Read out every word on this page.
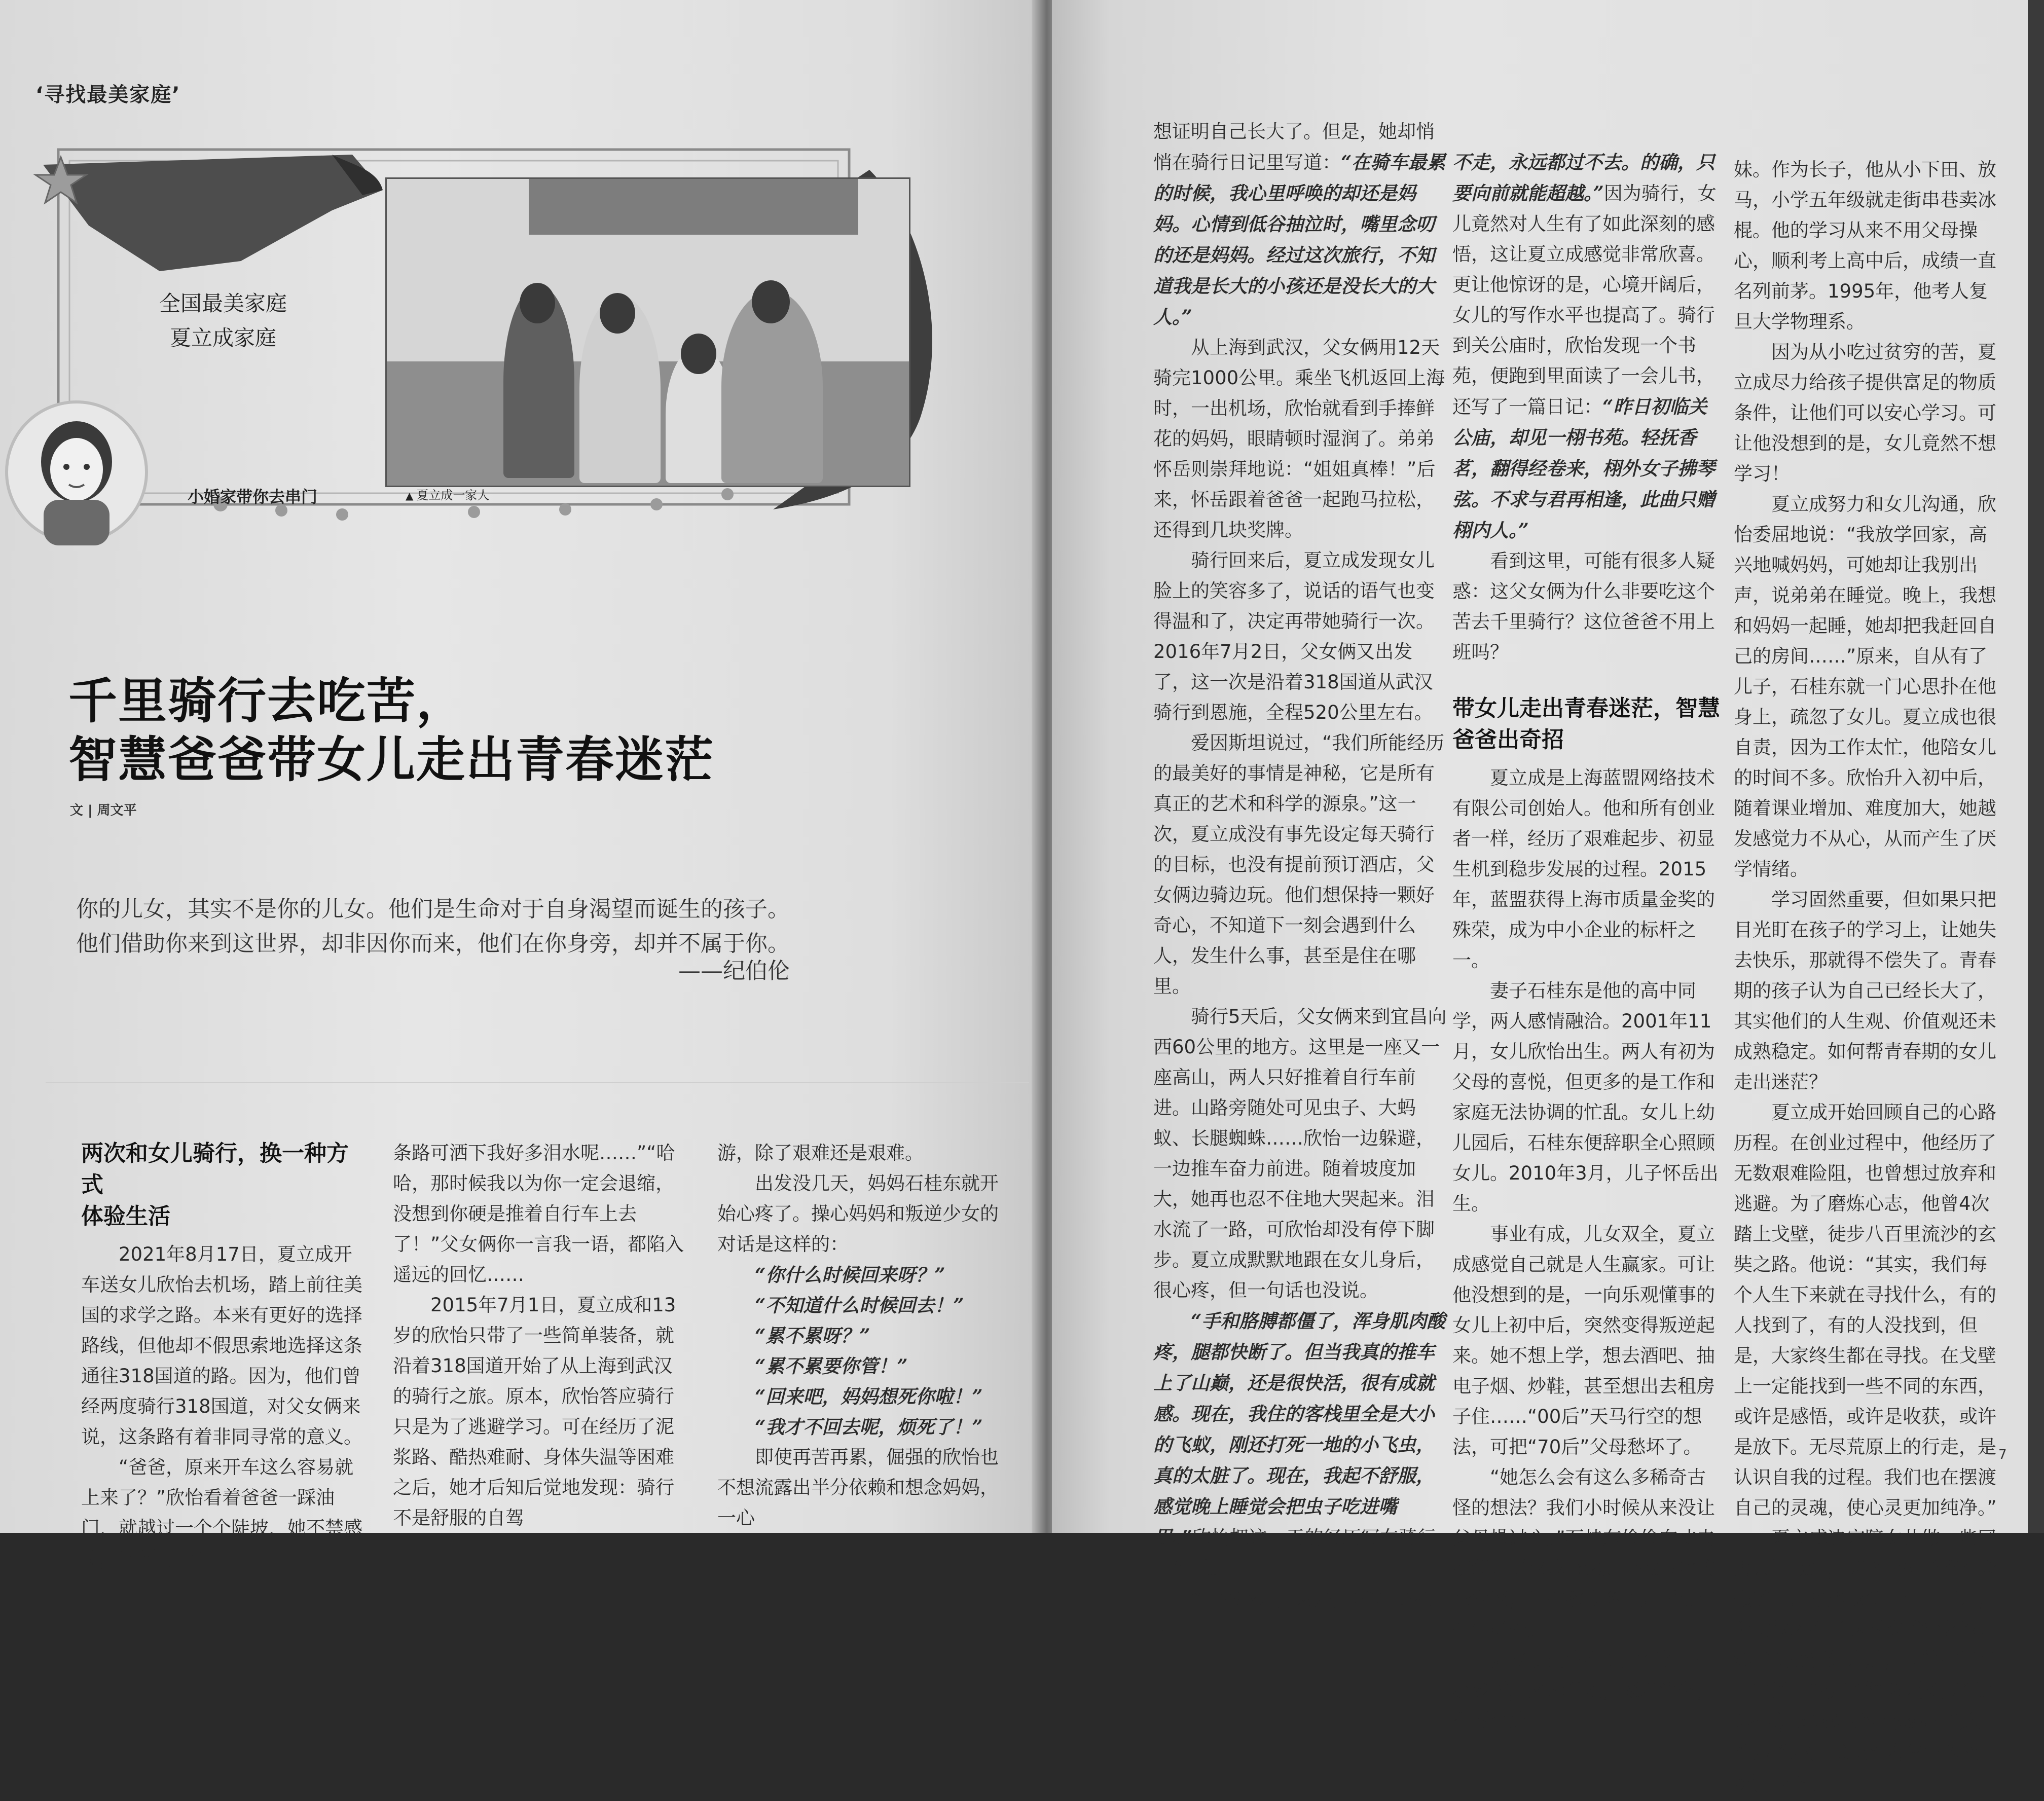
‘寻找最美家庭’
全国最美家庭
夏立成家庭
小婚家带你去串门	▲ 夏立成一家人
千里骑行去吃苦，
智慧爸爸带女儿走出青春迷茫
文 | 周文平
你的儿女，其实不是你的儿女。他们是生命对于自身渴望而诞生的孩子。
他们借助你来到这世界，却非因你而来，他们在你身旁，却并不属于你。
——纪伯伦
两次和女儿骑行，换一种方式
体验生活

2021年8月17日，夏立成开车送女儿欣怡去机场，踏上前往美国的求学之路。本来有更好的选择路线，但他却不假思索地选择这条通往318国道的路。因为，他们曾经两度骑行318国道，对父女俩来说，这条路有着非同寻常的意义。

“爸爸，原来开车这么容易就上来了？”欣怡看着爸爸一踩油门，就越过一个个陡坡，她不禁感慨，“当年，这

条路可洒下我好多泪水呢……”“哈哈，那时候我以为你一定会退缩，没想到你硬是推着自行车上去了！”父女俩你一言我一语，都陷入遥远的回忆……

2015年7月1日，夏立成和13岁的欣怡只带了一些简单装备，就沿着318国道开始了从上海到武汉的骑行之旅。原本，欣怡答应骑行只是为了逃避学习。可在经历了泥浆路、酷热难耐、身体失温等困难之后，她才后知后觉地发现：骑行不是舒服的自驾

游，除了艰难还是艰难。

出发没几天，妈妈石桂东就开始心疼了。操心妈妈和叛逆少女的对话是这样的：

“你什么时候回来呀？”

“不知道什么时候回去！”

“累不累呀？”

“累不累要你管！”

“回来吧，妈妈想死你啦！”

“我才不回去呢，烦死了！”

即使再苦再累，倔强的欣怡也不想流露出半分依赖和想念妈妈，一心

想证明自己长大了。但是，她却悄悄在骑行日记里写道：“在骑车最累的时候，我心里呼唤的却还是妈妈。心情到低谷抽泣时，嘴里念叨的还是妈妈。经过这次旅行，不知道我是长大的小孩还是没长大的大人。”

从上海到武汉，父女俩用12天骑完1000公里。乘坐飞机返回上海时，一出机场，欣怡就看到手捧鲜花的妈妈，眼睛顿时湿润了。弟弟怀岳则崇拜地说：“姐姐真棒！”后来，怀岳跟着爸爸一起跑马拉松，还得到几块奖牌。

骑行回来后，夏立成发现女儿脸上的笑容多了，说话的语气也变得温和了，决定再带她骑行一次。2016年7月2日，父女俩又出发了，这一次是沿着318国道从武汉骑行到恩施，全程520公里左右。

爱因斯坦说过，“我们所能经历的最美好的事情是神秘，它是所有真正的艺术和科学的源泉。”这一次，夏立成没有事先设定每天骑行的目标，也没有提前预订酒店，父女俩边骑边玩。他们想保持一颗好奇心，不知道下一刻会遇到什么人，发生什么事，甚至是住在哪里。

骑行5天后，父女俩来到宜昌向西60公里的地方。这里是一座又一座高山，两人只好推着自行车前进。山路旁随处可见虫子、大蚂蚁、长腿蜘蛛……欣怡一边躲避，一边推车奋力前进。随着坡度加大，她再也忍不住地大哭起来。泪水流了一路，可欣怡却没有停下脚步。夏立成默默地跟在女儿身后，很心疼，但一句话也没说。

“手和胳膊都僵了，浑身肌肉酸疼，腿都快断了。但当我真的推车上了山巅，还是很快活，很有成就感。现在，我住的客栈里全是大小的飞蚁，刚还打死一地的小飞虫，真的太脏了。现在，我起不舒服，感觉晚上睡觉会把虫子吃进嘴里。”欣怡把这一天的经历写在骑行日记里。

“山在这儿，人走，才能过去；人

不走，永远都过不去。的确，只要向前就能超越。”因为骑行，女儿竟然对人生有了如此深刻的感悟，这让夏立成感觉非常欣喜。更让他惊讶的是，心境开阔后，女儿的写作水平也提高了。骑行到关公庙时，欣怡发现一个书苑，便跑到里面读了一会儿书，还写了一篇日记：“昨日初临关公庙，却见一栩书苑。轻抚香茗，翻得经卷来，栩外女子拂琴弦。不求与君再相逢，此曲只赠栩内人。”

看到这里，可能有很多人疑惑：这父女俩为什么非要吃这个苦去千里骑行？这位爸爸不用上班吗？

带女儿走出青春迷茫，智慧
爸爸出奇招

夏立成是上海蓝盟网络技术有限公司创始人。他和所有创业者一样，经历了艰难起步、初显生机到稳步发展的过程。2015年，蓝盟获得上海市质量金奖的殊荣，成为中小企业的标杆之一。

妻子石桂东是他的高中同学，两人感情融洽。2001年11月，女儿欣怡出生。两人有初为父母的喜悦，但更多的是工作和家庭无法协调的忙乱。女儿上幼儿园后，石桂东便辞职全心照顾女儿。2010年3月，儿子怀岳出生。

事业有成，儿女双全，夏立成感觉自己就是人生赢家。可让他没想到的是，一向乐观懂事的女儿上初中后，突然变得叛逆起来。她不想上学，想去酒吧、抽电子烟、炒鞋，甚至想出去租房子住……“00后”天马行空的想法，可把“70后”父母愁坏了。

“她怎么会有这么多稀奇古怪的想法？我们小时候从来没让父母操过心。”石桂东偷偷向丈夫抱怨。夏立成虽然是一位成功的企业家，但在教育孩子方面没有任何经验。

夏立成出生在黑龙江的一个小乡村，父母务农，家境清贫，有两个妹

妹。作为长子，他从小下田、放马，小学五年级就走街串巷卖冰棍。他的学习从来不用父母操心，顺利考上高中后，成绩一直名列前茅。1995年，他考人复旦大学物理系。

因为从小吃过贫穷的苦，夏立成尽力给孩子提供富足的物质条件，让他们可以安心学习。可让他没想到的是，女儿竟然不想学习！

夏立成努力和女儿沟通，欣怡委屈地说：“我放学回家，高兴地喊妈妈，可她却让我别出声，说弟弟在睡觉。晚上，我想和妈妈一起睡，她却把我赶回自己的房间……”原来，自从有了儿子，石桂东就一门心思扑在他身上，疏忽了女儿。夏立成也很自责，因为工作太忙，他陪女儿的时间不多。欣怡升入初中后，随着课业增加、难度加大，她越发感觉力不从心，从而产生了厌学情绪。

学习固然重要，但如果只把目光盯在孩子的学习上，让她失去快乐，那就得不偿失了。青春期的孩子认为自己已经长大了，其实他们的人生观、价值观还未成熟稳定。如何帮青春期的女儿走出迷茫？

夏立成开始回顾自己的心路历程。在创业过程中，他经历了无数艰难险阻，也曾想过放弃和逃避。为了磨炼心志，他曾4次踏上戈壁，徒步八百里流沙的玄奘之路。他说：“其实，我们每个人生下来就在寻找什么，有的人找到了，有的人没找到，但是，大家终生都在寻找。在戈壁上一定能找到一些不同的东西，或许是感悟，或许是收获，或许是放下。无尽荒原上的行走，是认识自我的过程。我们也在摆渡自己的灵魂，使心灵更加纯净。”

夏立成决定陪女儿做一些同龄人没做过，甚至一辈子都不会做的事，帮她找到自己。于是，父女俩才有了这两次骑行之旅。第二次骑行结束后，欣怡在日记中写道：“今年的12天加去年的12天，这24天彻底改变了我。但愿今后，我应对人生中的挫折，也能 ▶

7
